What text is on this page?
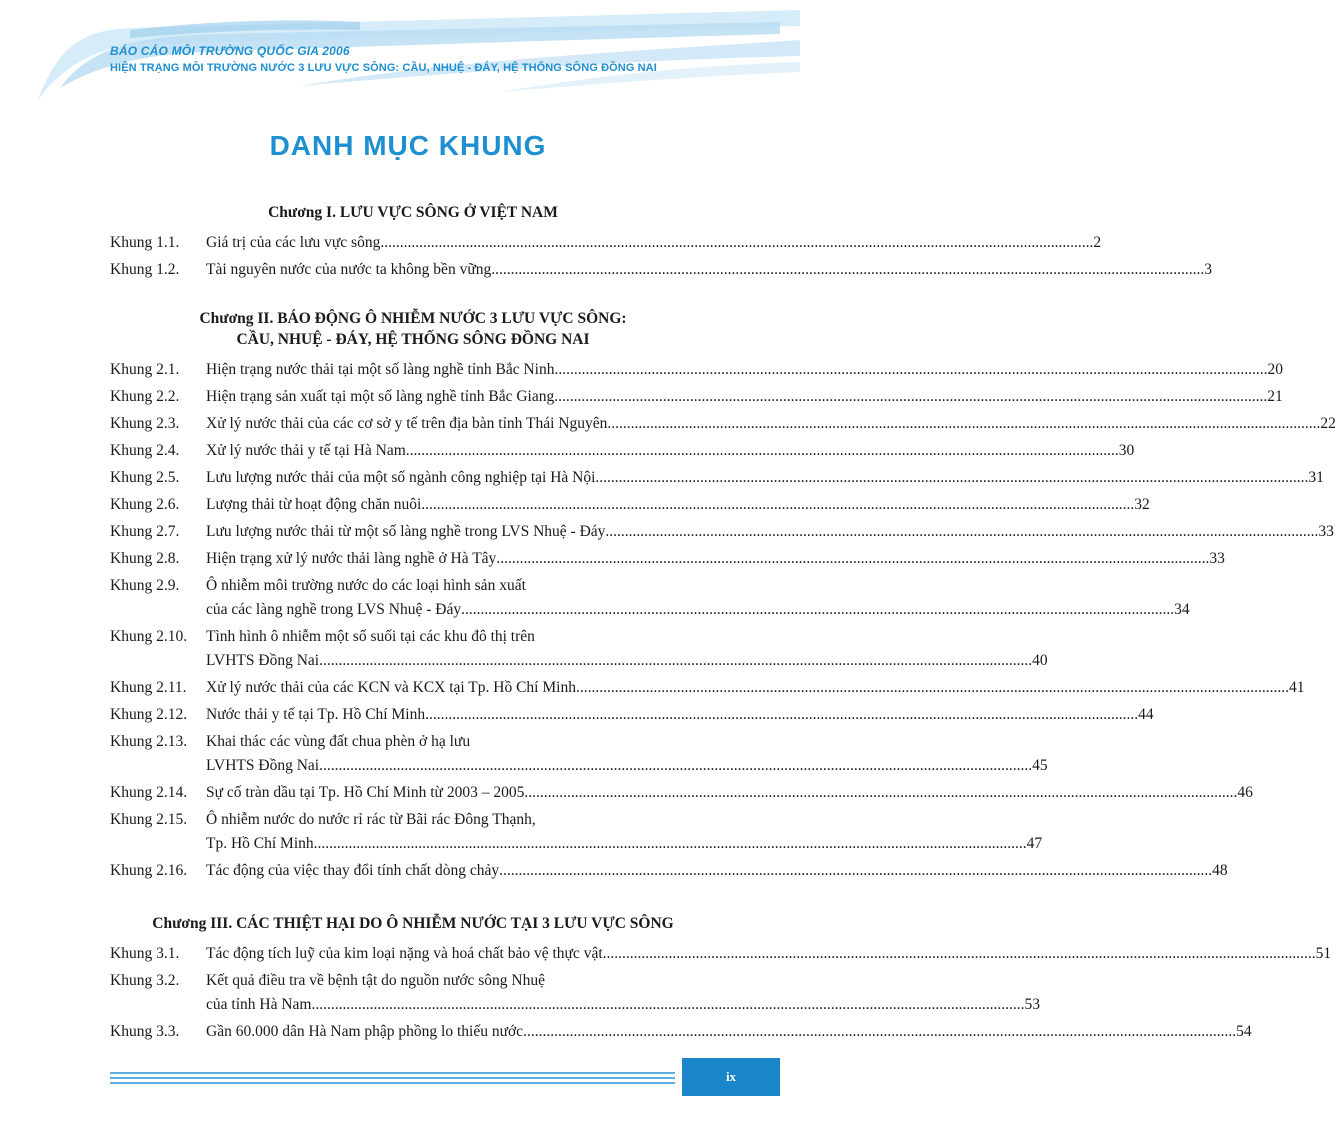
BÁO CÁO MÔI TRƯỜNG QUỐC GIA 2006
HIỆN TRẠNG MÔI TRƯỜNG NƯỚC 3 LƯU VỰC SÔNG: CẦU, NHUỆ - ĐÁY, HỆ THỐNG SÔNG ĐỒNG NAI
DANH MỤC KHUNG
Chương I. LƯU VỰC SÔNG Ở VIỆT NAM
Khung 1.1.	Giá trị của các lưu vực sông .....	2
Khung 1.2.	Tài nguyên nước của nước ta không bền vững .....	3
Chương II. BÁO ĐỘNG Ô NHIỄM NƯỚC 3 LƯU VỰC SÔNG:
CẦU, NHUỆ - ĐÁY, HỆ THỐNG SÔNG ĐỒNG NAI
Khung 2.1.	Hiện trạng nước thải tại một số làng nghề tỉnh Bắc Ninh .....	20
Khung 2.2.	Hiện trạng sản xuất tại một số làng nghề tỉnh Bắc Giang .....	21
Khung 2.3.	Xử lý nước thải của các cơ sở y tế trên địa bàn tỉnh Thái Nguyên .....	22
Khung 2.4.	Xử lý nước thải y tế tại Hà Nam .....	30
Khung 2.5.	Lưu lượng nước thải của một số ngành công nghiệp tại Hà Nội .....	31
Khung 2.6.	Lượng thải từ hoạt động chăn nuôi .....	32
Khung 2.7.	Lưu lượng nước thải từ một số làng nghề trong LVS Nhuệ - Đáy .....	33
Khung 2.8.	Hiện trạng xử lý nước thải làng nghề ở Hà Tây .....	33
Khung 2.9.	Ô nhiễm môi trường nước do các loại hình sản xuất
của các làng nghề trong LVS Nhuệ - Đáy .....	34
Khung 2.10.	Tình hình ô nhiễm một số suối tại các khu đô thị trên
LVHTS Đồng Nai .....	40
Khung 2.11.	Xử lý nước thải của các KCN và KCX tại Tp. Hồ Chí Minh .....	41
Khung 2.12.	Nước thải y tế tại Tp. Hồ Chí Minh .....	44
Khung 2.13.	Khai thác các vùng đất chua phèn ở hạ lưu
LVHTS Đồng Nai .....	45
Khung 2.14.	Sự cố tràn dầu tại Tp. Hồ Chí Minh từ 2003 – 2005 .....	46
Khung 2.15.	Ô nhiễm nước do nước rỉ rác từ Bãi rác Đông Thạnh,
Tp. Hồ Chí Minh .....	47
Khung 2.16.	Tác động của việc thay đổi tính chất dòng chảy .....	48
Chương III. CÁC THIỆT HẠI DO Ô NHIỄM NƯỚC TẠI 3 LƯU VỰC SÔNG
Khung 3.1.	Tác động tích luỹ của kim loại nặng và hoá chất bảo vệ thực vật .....	51
Khung 3.2.	Kết quả điều tra về bệnh tật do nguồn nước sông Nhuệ
của tỉnh Hà Nam .....	53
Khung 3.3.	Gần 60.000 dân Hà Nam phập phồng lo thiếu nước .....	54
ix
